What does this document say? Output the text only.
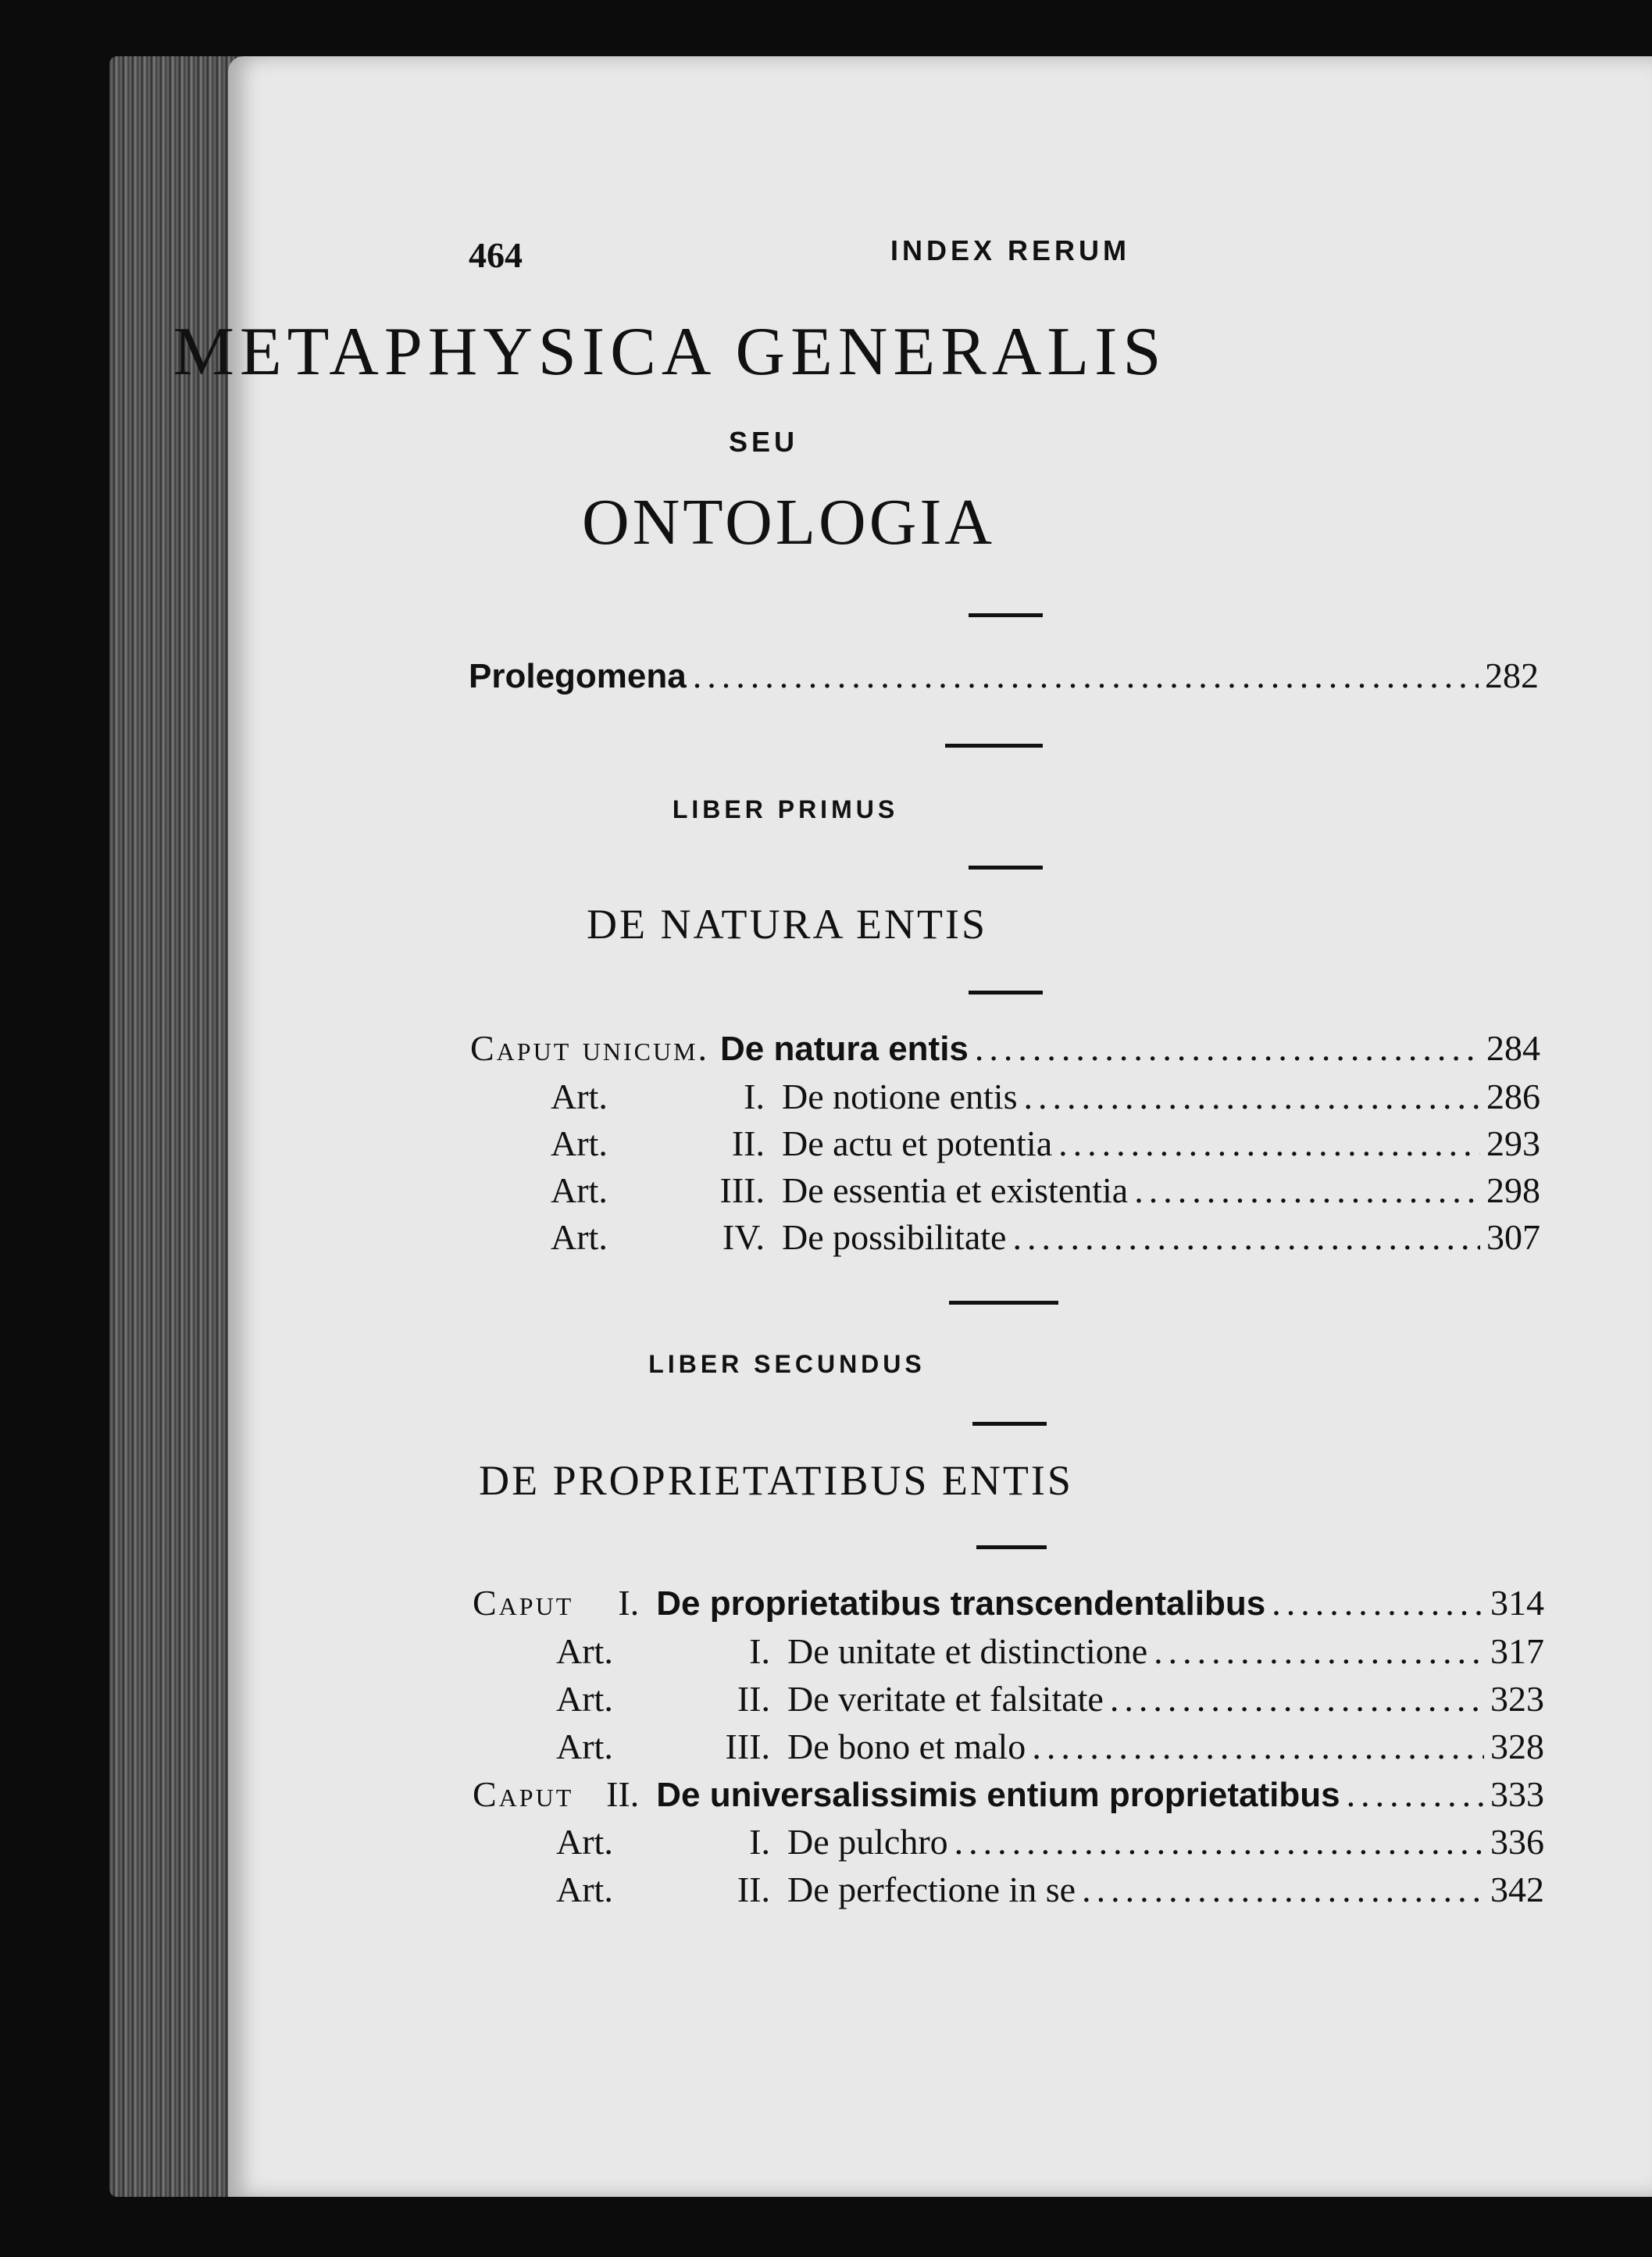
464	INDEX RERUM
METAPHYSICA GENERALIS
SEU
ONTOLOGIA
Prolegomena .....	282
LIBER PRIMUS
DE NATURA ENTIS
Caput unicum. De natura entis .....	284
Art.	I. De notione entis .....	286
Art.	II. De actu et potentia .....	293
Art.	III. De essentia et existentia .....	298
Art.	IV. De possibilitate .....	307
LIBER SECUNDUS
DE PROPRIETATIBUS ENTIS
Caput	I. De proprietatibus transcendentalibus .....	314
Art.	I. De unitate et distinctione .....	317
Art.	II. De veritate et falsitate .....	323
Art.	III. De bono et malo .....	328
Caput II. De universalissimis entium proprietatibus .....	333
Art.	I. De pulchro .....	336
Art.	II. De perfectione in se .....	342
